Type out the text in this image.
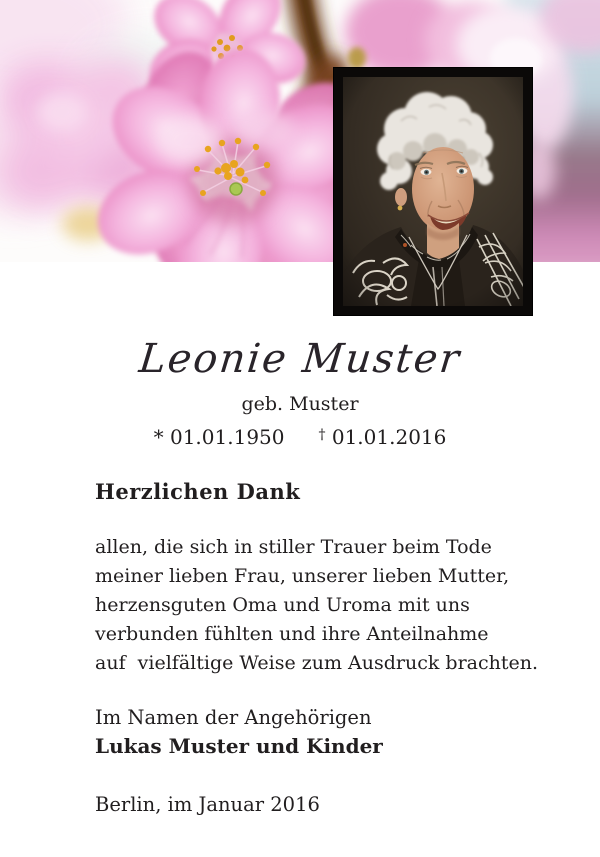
Leonie Muster
geb. Muster
* 01.01.1950 † 01.01.2016
Herzlichen Dank
allen, die sich in stiller Trauer beim Tode
meiner lieben Frau, unserer lieben Mutter,
herzensguten Oma und Uroma mit uns
verbunden fühlten und ihre Anteilnahme
auf  vielfältige Weise zum Ausdruck brachten.
Im Namen der Angehörigen
Lukas Muster und Kinder
Berlin, im Januar 2016
